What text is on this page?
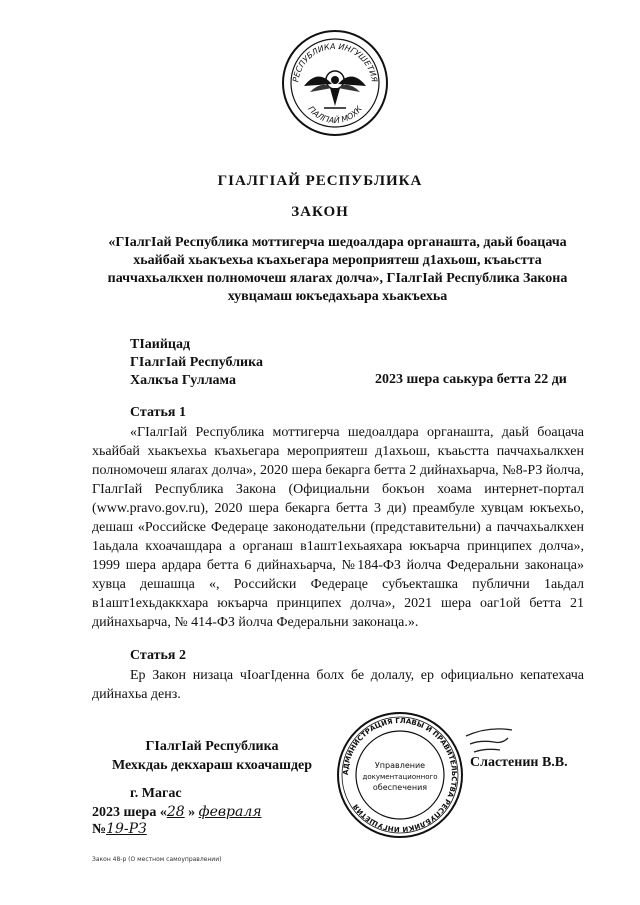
РЕСПУБЛИКА ИНГУШЕТИЯ
ГIАЛГIАЙ МОХК
ГIАЛГIАЙ РЕСПУБЛИКА
ЗАКОН
«ГIалгIай Республика моттигерча шедоалдара органашта, даьй боацача хьайбай хьакъехьа къахьегара мероприятеш д1ахьош, къаьстта паччахьалкхен полномочеш ялarах долча», ГIалгIай Республика Закона хувцамаш юкъедахьара хьакъехьа
ТIаийцад
ГIалгIай Республика
Халкъа Гуллама	2023 шера саькура бетта 22 ди
Статья 1
«ГIалгIай Республика моттигерча шедоалдара органашта, даьй боацача хьайбай хьакъехьа къахьегара мероприятеш д1ахьош, къаьстта паччахьалкхен полномочеш ялarах долча», 2020 шера бекарга бетта 2 дийнахьарча, №8-РЗ йолча, ГIалгIай Республика Закона (Официальни бокъон хоама интернет-портал (www.pravo.gov.ru), 2020 шера бекарга бетта 3 ди) преамбуле хувцам юкъехьо, дешаш «Российске Федераце законодательни (представительни) а паччахьалкхен 1аьдала кхоачашдара а органаш в1ашт1ехьаяхара юкъарча принципех долча», 1999 шера ардара бетта 6 дийнахьарча, №184-ФЗ йолча Федеральни законаца» хувца дешашца «, Российски Федераце субъекташка публични 1аьдал в1ашт1ехьдаккхара юкъарча принципех долча», 2021 шера оаг1ой бетта 21 дийнахьарча, № 414-ФЗ йолча Федеральни законаца.».
Статья 2
Ер Закон низаца чIоагIденна болх бе долалу, ер официально кепатехача дийнахьа денз.
ГIалгIай Республика
Мехкдаь декхараш кхоачашдер	АДМИНИСТРАЦИЯ ГЛАВЫ И ПРАВИТЕЛЬСТВА РЕСПУБЛИКИ ИНГУШЕТИЯ
Управление
документационного
обеспечения
Сластенин В.В.
г. Магас
2023 шера «28 » февраля
№19-РЗ
Закон 48-р (О местном самоуправлении)
